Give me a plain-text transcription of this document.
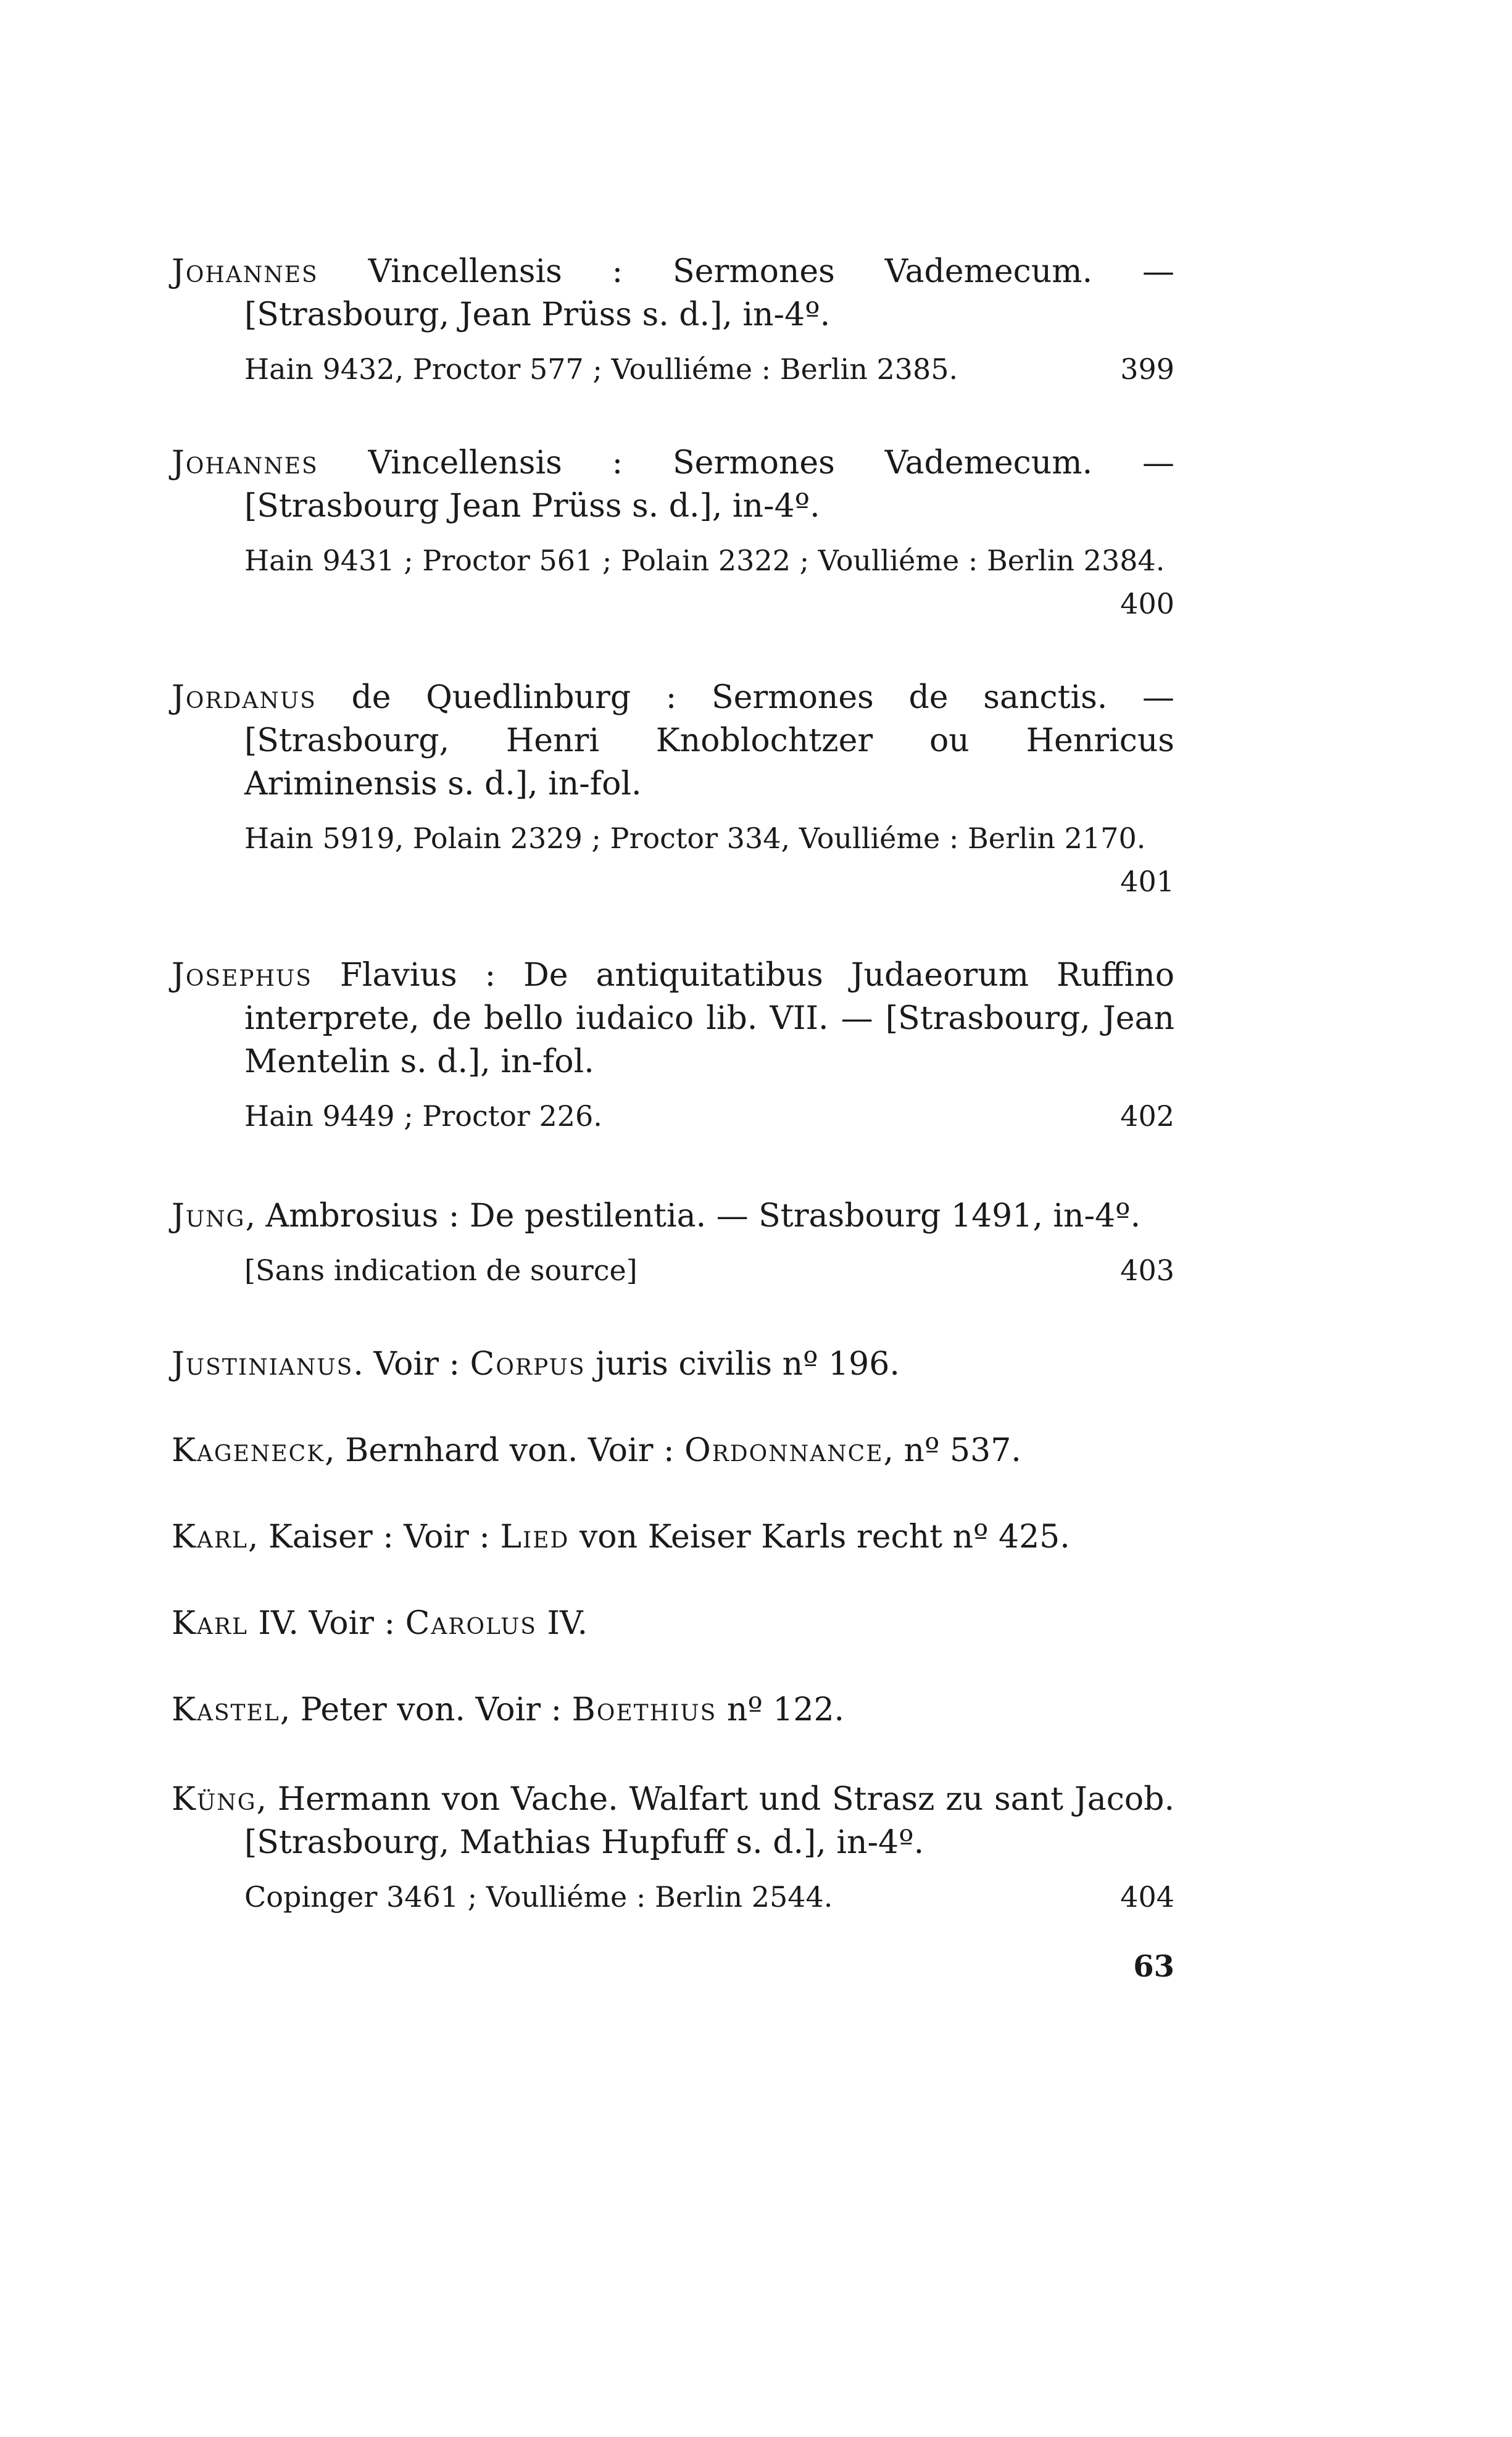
Johannes Vincellensis : Sermones Vademecum. — [Strasbourg, Jean Prüss s. d.], in-4º.

Hain 9432, Proctor 577 ; Voulliéme : Berlin 2385.	399

Johannes Vincellensis : Sermones Vademecum. — [Strasbourg Jean Prüss s. d.], in-4º.

Hain 9431 ; Proctor 561 ; Polain 2322 ; Voulliéme : Berlin 2384.
400

Jordanus de Quedlinburg : Sermones de sanctis. — [Strasbourg, Henri Knoblochtzer ou Henricus Ariminensis s. d.], in-fol.

Hain 5919, Polain 2329 ; Proctor 334, Voulliéme : Berlin 2170.
401

Josephus Flavius : De antiquitatibus Judaeorum Ruffino interprete, de bello iudaico lib. VII. — [Strasbourg, Jean Mentelin s. d.], in-fol.

Hain 9449 ; Proctor 226.	402

Jung, Ambrosius : De pestilentia. — Strasbourg 1491, in-4º.

[Sans indication de source]	403

Justinianus. Voir : Corpus juris civilis nº 196.

Kageneck, Bernhard von. Voir : Ordonnance, nº 537.

Karl, Kaiser : Voir : Lied von Keiser Karls recht nº 425.

Karl IV. Voir : Carolus IV.

Kastel, Peter von. Voir : Boethius nº 122.

Küng, Hermann von Vache. Walfart und Strasz zu sant Jacob. [Strasbourg, Mathias Hupfuff s. d.], in-4º.

Copinger 3461 ; Voulliéme : Berlin 2544.	404

63
